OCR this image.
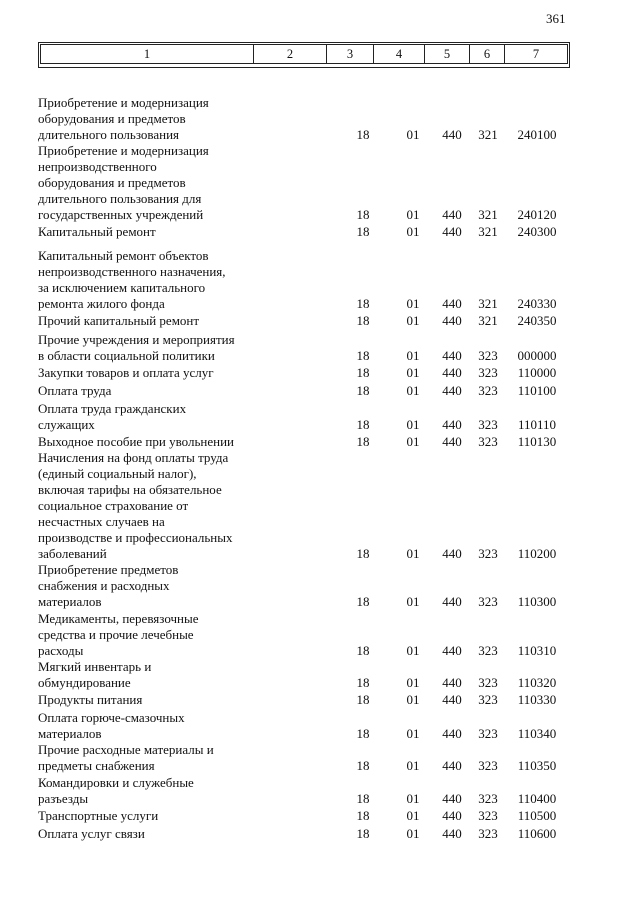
361
1	2	3	4	5	6	7
Приобретение и модернизация
оборудования и предметов
длительного пользования	18	01	440	321	240100
Приобретение и модернизация
непроизводственного
оборудования и предметов
длительного пользования для
государственных учреждений	18	01	440	321	240120
Капитальный ремонт	18	01	440	321	240300
Капитальный ремонт объектов
непроизводственного назначения,
за исключением капитального
ремонта жилого фонда	18	01	440	321	240330
Прочий капитальный ремонт	18	01	440	321	240350
Прочие учреждения и мероприятия
в области социальной политики	18	01	440	323	000000
Закупки товаров и оплата услуг	18	01	440	323	110000
Оплата труда	18	01	440	323	110100
Оплата труда гражданских
служащих	18	01	440	323	110110
Выходное пособие при увольнении	18	01	440	323	110130
Начисления на фонд оплаты труда
(единый социальный налог),
включая тарифы на обязательное
социальное страхование от
несчастных случаев на
производстве и профессиональных
заболеваний	18	01	440	323	110200
Приобретение предметов
снабжения и расходных
материалов	18	01	440	323	110300
Медикаменты, перевязочные
средства и прочие лечебные
расходы	18	01	440	323	110310
Мягкий инвентарь и
обмундирование	18	01	440	323	110320
Продукты питания	18	01	440	323	110330
Оплата горюче-смазочных
материалов	18	01	440	323	110340
Прочие расходные материалы и
предметы снабжения	18	01	440	323	110350
Командировки и служебные
разъезды	18	01	440	323	110400
Транспортные услуги	18	01	440	323	110500
Оплата услуг связи	18	01	440	323	110600
